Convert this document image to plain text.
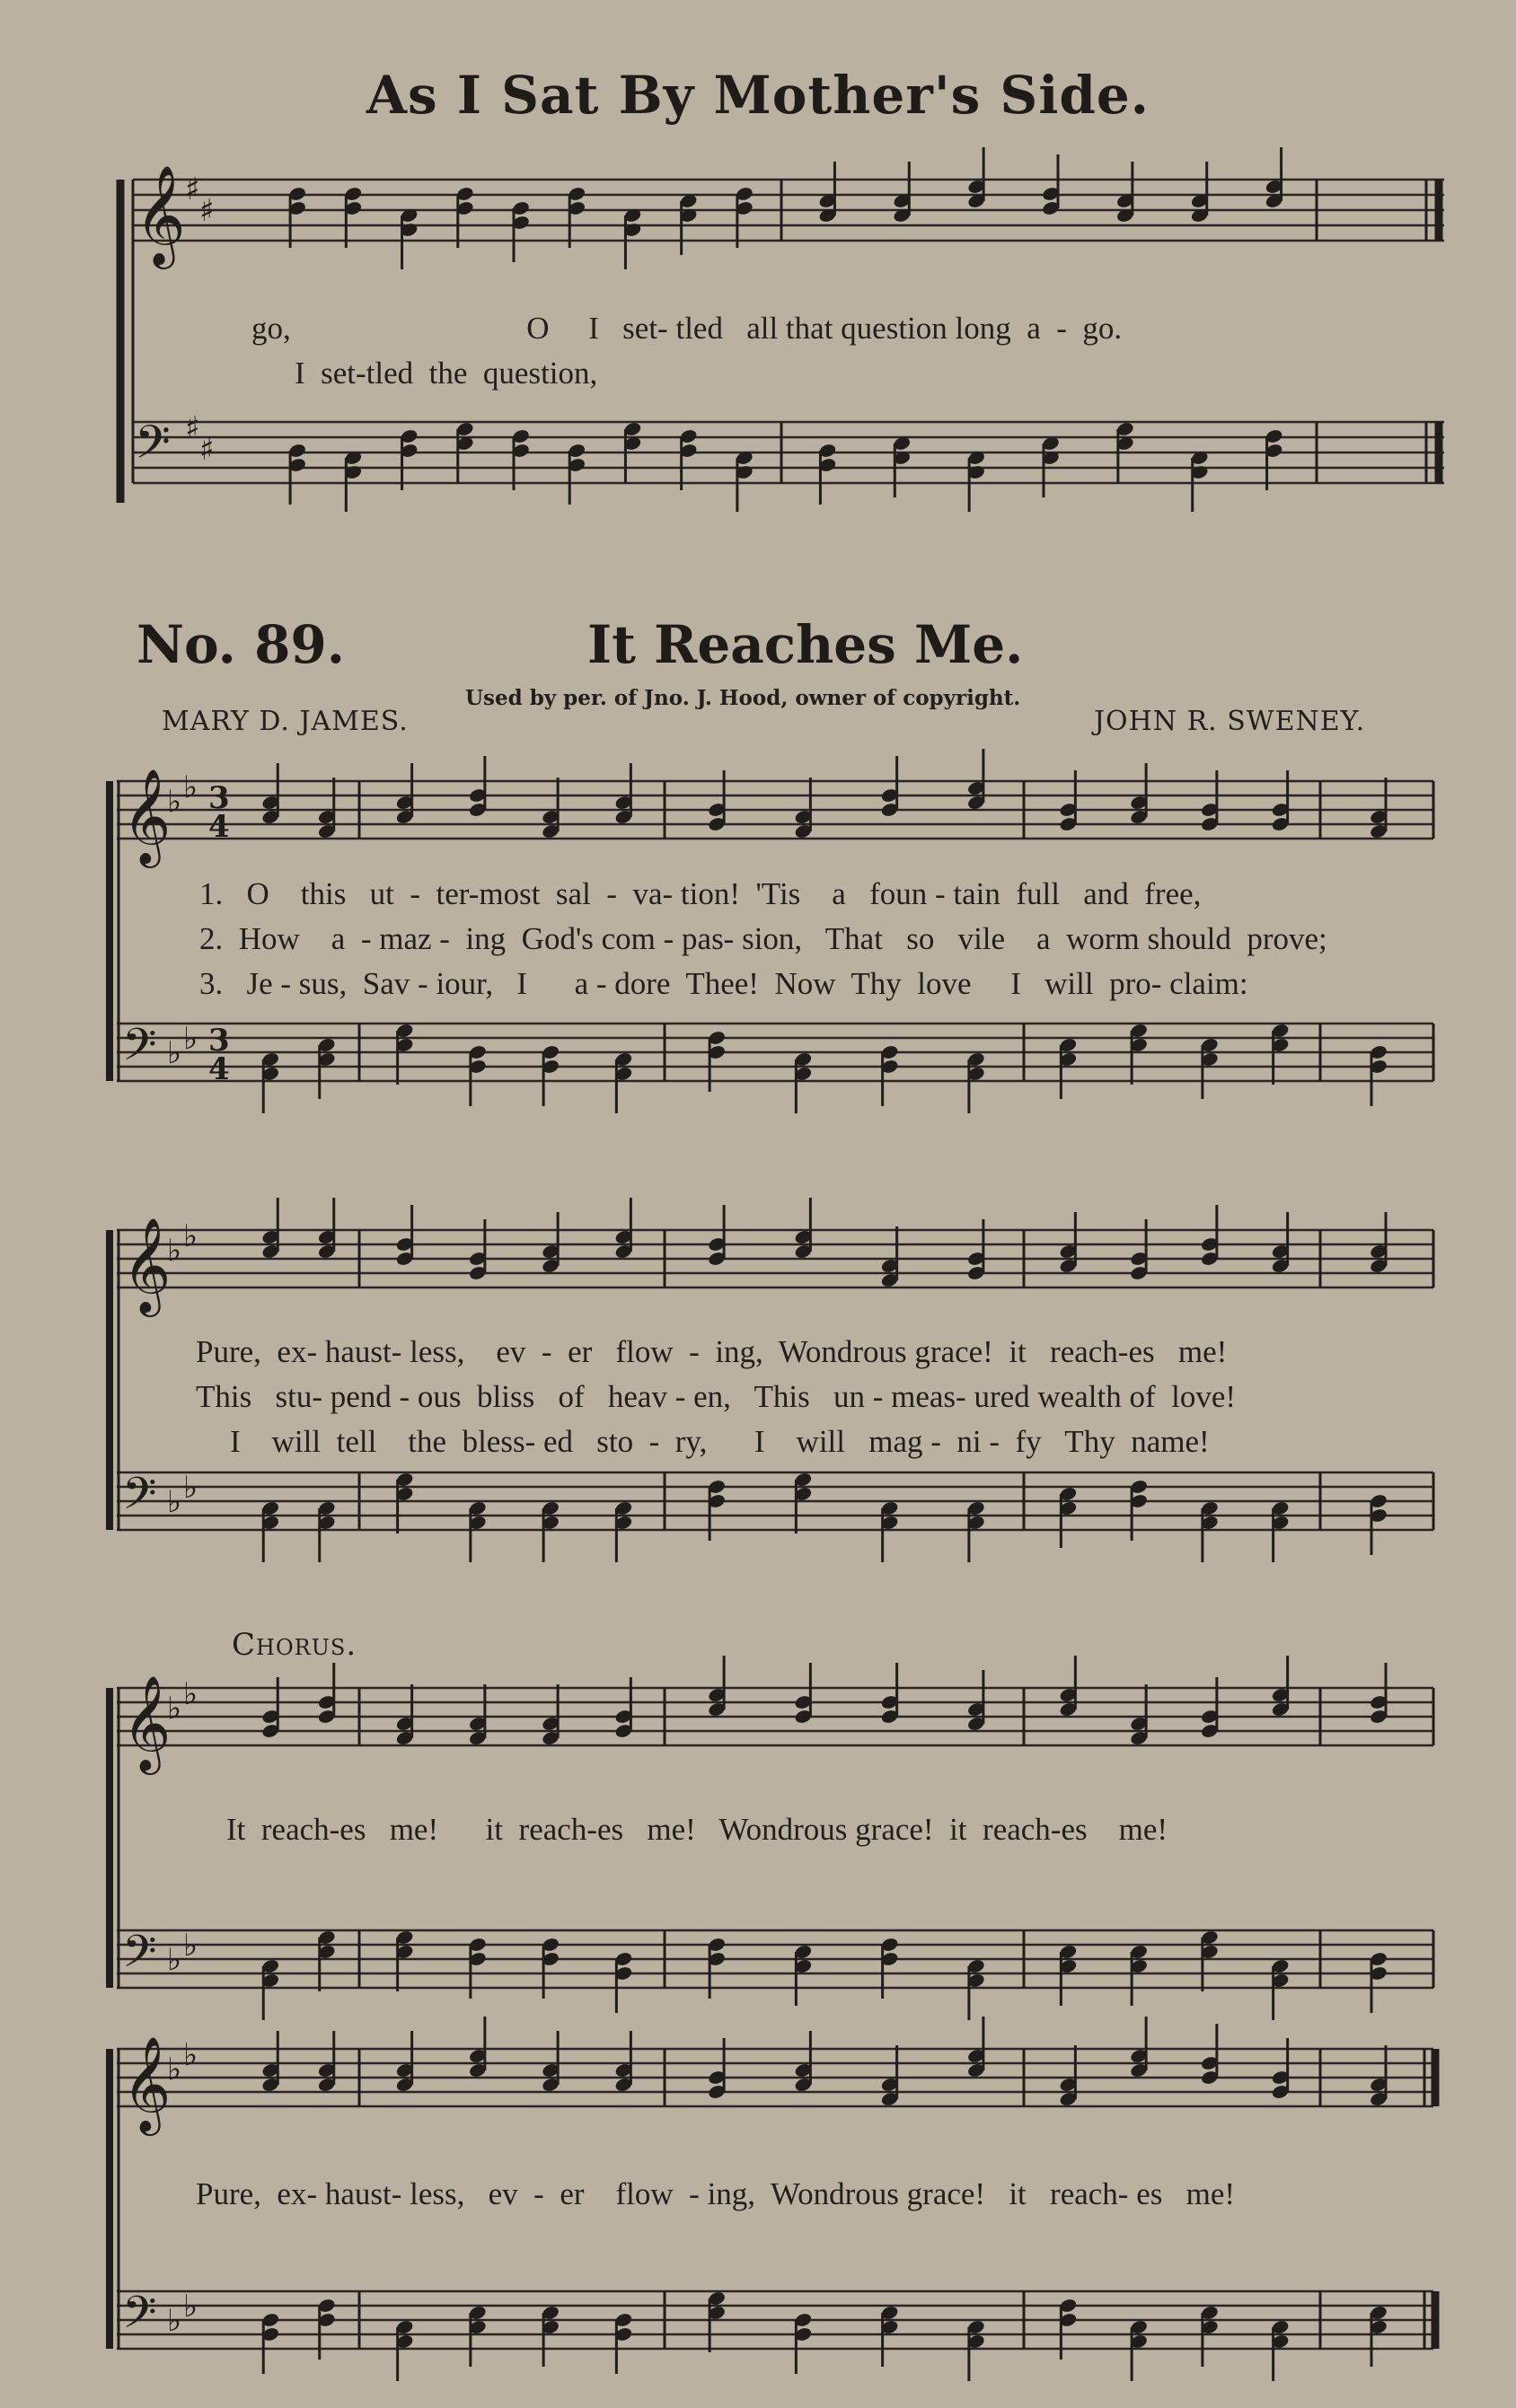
As I Sat By Mother's Side.
𝄞
𝄢
♯
♯
♯
♯
go,                              O     I   set- tled   all that question long  a  -  go.
I  set-tled  the  question,
No. 89.	It Reaches Me.
Used by per. of Jno. J. Hood, owner of copyright.
MARY D. JAMES.	JOHN R. SWENEY.
𝄞
𝄢
♭ ♭
♭ ♭
3
4
3
4
1.   O    this   ut  -  ter-most  sal  -  va- tion!  'Tis    a   foun - tain  full   and  free,
2.  How    a  - maz -  ing  God's com - pas- sion,   That   so   vile    a  worm should  prove;
3.   Je - sus,  Sav - iour,   I      a - dore  Thee!  Now  Thy  love     I   will  pro- claim:
𝄞
𝄢
♭ ♭
♭ ♭
Pure,  ex- haust- less,    ev  -  er   flow  -  ing,  Wondrous grace!  it   reach-es   me!
This   stu- pend - ous  bliss   of   heav - en,   This   un - meas- ured wealth of  love!
I    will  tell    the  bless- ed   sto  -  ry,      I    will   mag -  ni -  fy   Thy  name!
Chorus.
𝄞
𝄢
♭ ♭
♭ ♭
It  reach-es   me!      it  reach-es   me!   Wondrous grace!  it  reach-es    me!
𝄞
𝄢
♭ ♭
♭ ♭
Pure,  ex- haust- less,   ev  -  er    flow  - ing,  Wondrous grace!   it   reach- es   me!
